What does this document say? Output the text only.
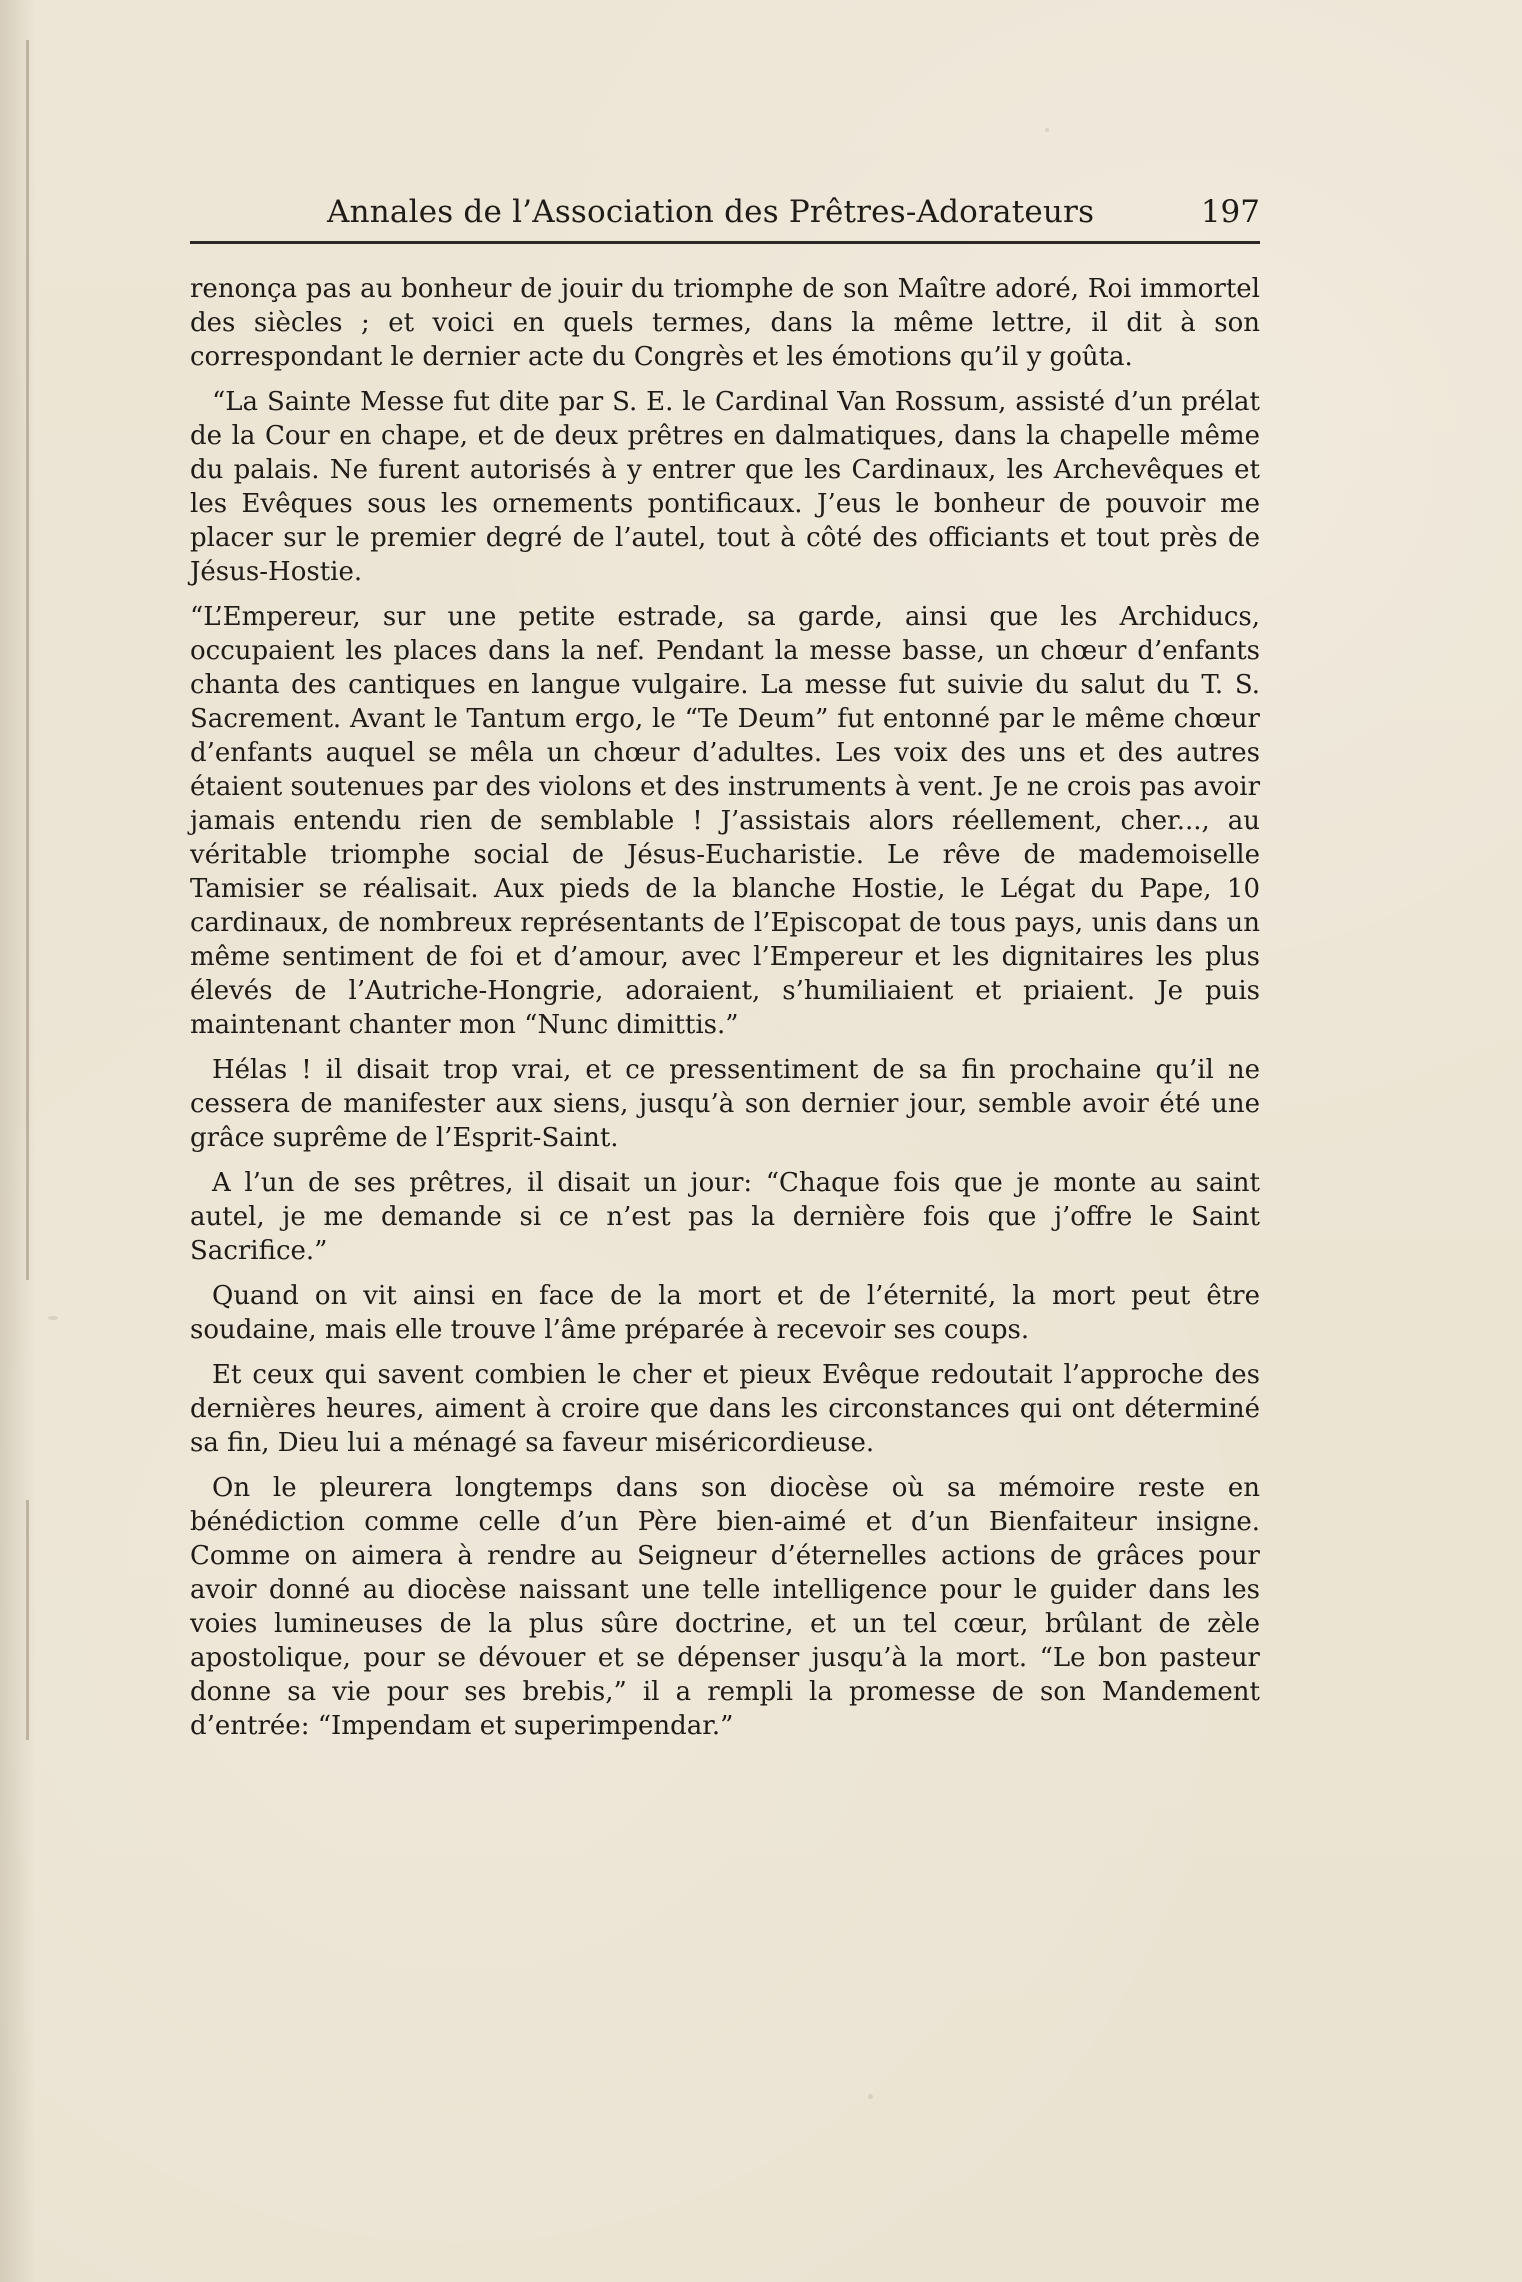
Annales de l’Association des Prêtres-Adorateurs	197

renonça pas au bonheur de jouir du triomphe de son Maître adoré, Roi immortel des siècles ; et voici en quels termes, dans la même lettre, il dit à son correspondant le dernier acte du Congrès et les émotions qu’il y goûta.

“La Sainte Messe fut dite par S. E. le Cardinal Van Rossum, assisté d’un prélat de la Cour en chape, et de deux prêtres en dalmatiques, dans la chapelle même du palais. Ne furent autorisés à y entrer que les Cardinaux, les Archevêques et les Evêques sous les ornements pontificaux. J’eus le bonheur de pouvoir me placer sur le premier degré de l’autel, tout à côté des officiants et tout près de Jésus-Hostie.

“L’Empereur, sur une petite estrade, sa garde, ainsi que les Archiducs, occupaient les places dans la nef. Pendant la messe basse, un chœur d’enfants chanta des cantiques en langue vulgaire. La messe fut suivie du salut du T. S. Sacrement. Avant le Tantum ergo, le “Te Deum” fut entonné par le même chœur d’enfants auquel se mêla un chœur d’adultes. Les voix des uns et des autres étaient soutenues par des violons et des instruments à vent. Je ne crois pas avoir jamais entendu rien de semblable ! J’assistais alors réellement, cher..., au véritable triomphe social de Jésus-Eucharistie. Le rêve de mademoiselle Tamisier se réalisait. Aux pieds de la blanche Hostie, le Légat du Pape, 10 cardinaux, de nombreux représentants de l’Episcopat de tous pays, unis dans un même sentiment de foi et d’amour, avec l’Empereur et les dignitaires les plus élevés de l’Autriche-Hongrie, adoraient, s’humiliaient et priaient. Je puis maintenant chanter mon “Nunc dimittis.”

Hélas ! il disait trop vrai, et ce pressentiment de sa fin prochaine qu’il ne cessera de manifester aux siens, jusqu’à son dernier jour, semble avoir été une grâce suprême de l’Esprit-Saint.

A l’un de ses prêtres, il disait un jour: “Chaque fois que je monte au saint autel, je me demande si ce n’est pas la dernière fois que j’offre le Saint Sacrifice.”

Quand on vit ainsi en face de la mort et de l’éternité, la mort peut être soudaine, mais elle trouve l’âme préparée à recevoir ses coups.

Et ceux qui savent combien le cher et pieux Evêque redoutait l’approche des dernières heures, aiment à croire que dans les circonstances qui ont déterminé sa fin, Dieu lui a ménagé sa faveur miséricordieuse.

On le pleurera longtemps dans son diocèse où sa mémoire reste en bénédiction comme celle d’un Père bien-aimé et d’un Bienfaiteur insigne. Comme on aimera à rendre au Seigneur d’éternelles actions de grâces pour avoir donné au diocèse naissant une telle intelligence pour le guider dans les voies lumineuses de la plus sûre doctrine, et un tel cœur, brûlant de zèle apostolique, pour se dévouer et se dépenser jusqu’à la mort. “Le bon pasteur donne sa vie pour ses brebis,” il a rempli la promesse de son Mandement d’entrée: “Impendam et superimpendar.”
